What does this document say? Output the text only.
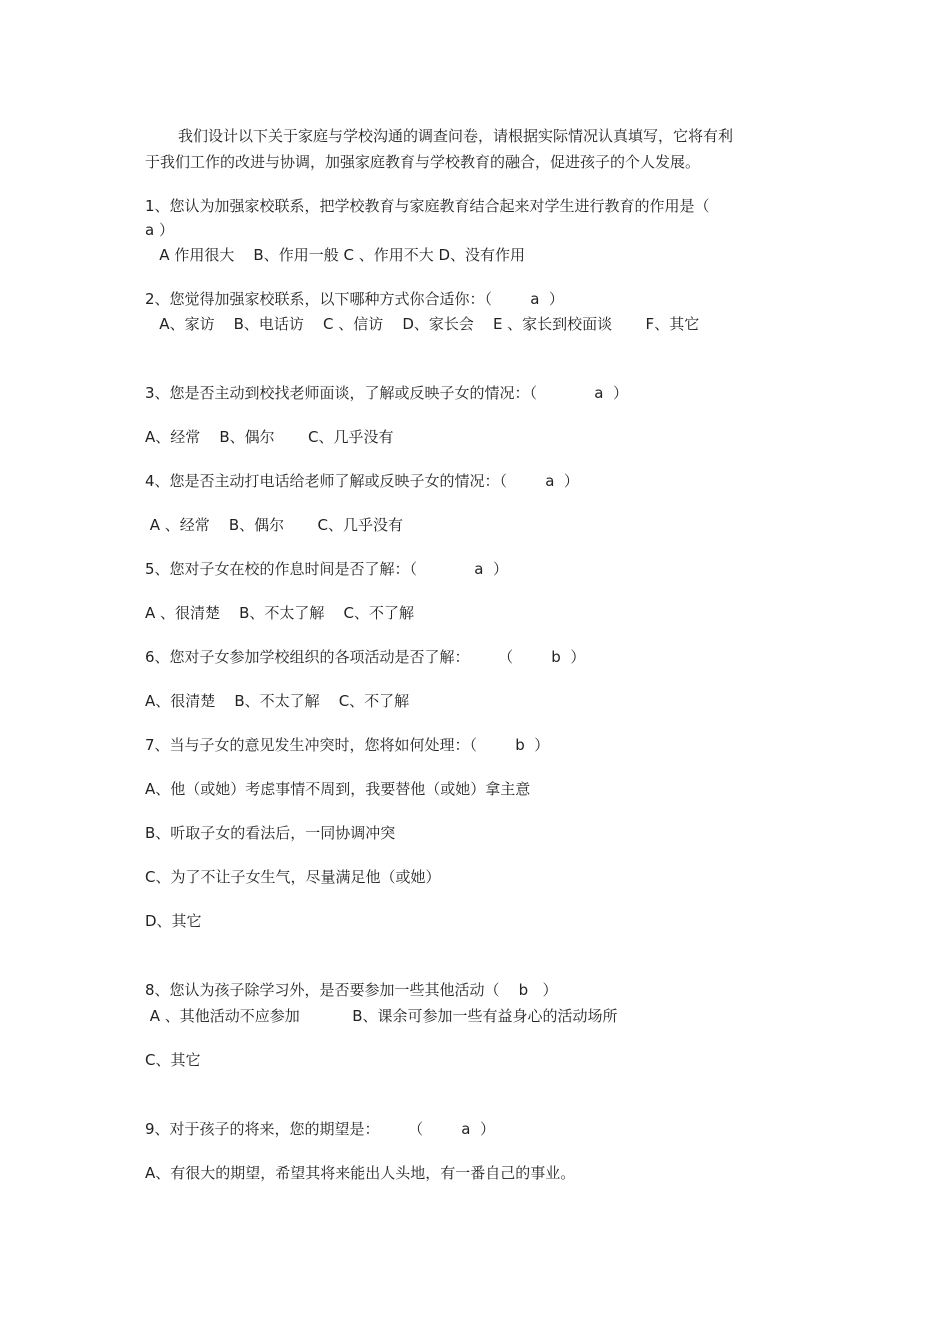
我们设计以下关于家庭与学校沟通的调查问卷，请根据实际情况认真填写，它将有利

于我们工作的改进与协调，加强家庭教育与学校教育的融合，促进孩子的个人发展。

1、您认为加强家校联系，把学校教育与家庭教育结合起来对学生进行教育的作用是（

a ）

A 作用很大    B、作用一般 C 、作用不大 D、没有作用

2、您觉得加强家校联系，以下哪种方式你合适你：（        a  ）

A、家访    B、电话访    C 、信访    D、家长会    E 、家长到校面谈       F、其它

3、您是否主动到校找老师面谈，了解或反映子女的情况：（            a  ）

A、经常    B、偶尔       C、几乎没有

4、您是否主动打电话给老师了解或反映子女的情况：（        a  ）

A 、经常    B、偶尔       C、几乎没有

5、您对子女在校的作息时间是否了解：（            a  ）

A 、很清楚    B、不太了解    C、不了解

6、您对子女参加学校组织的各项活动是否了解：      （        b  ）

A、很清楚    B、不太了解    C、不了解

7、当与子女的意见发生冲突时，您将如何处理：（        b  ）

A、他（或她）考虑事情不周到，我要替他（或她）拿主意

B、听取子女的看法后，一同协调冲突

C、为了不让子女生气，尽量满足他（或她）

D、其它

8、您认为孩子除学习外，是否要参加一些其他活动（    b   ）

A 、其他活动不应参加           B、课余可参加一些有益身心的活动场所

C、其它

9、对于孩子的将来，您的期望是：      （        a  ）

A、有很大的期望，希望其将来能出人头地，有一番自己的事业。
